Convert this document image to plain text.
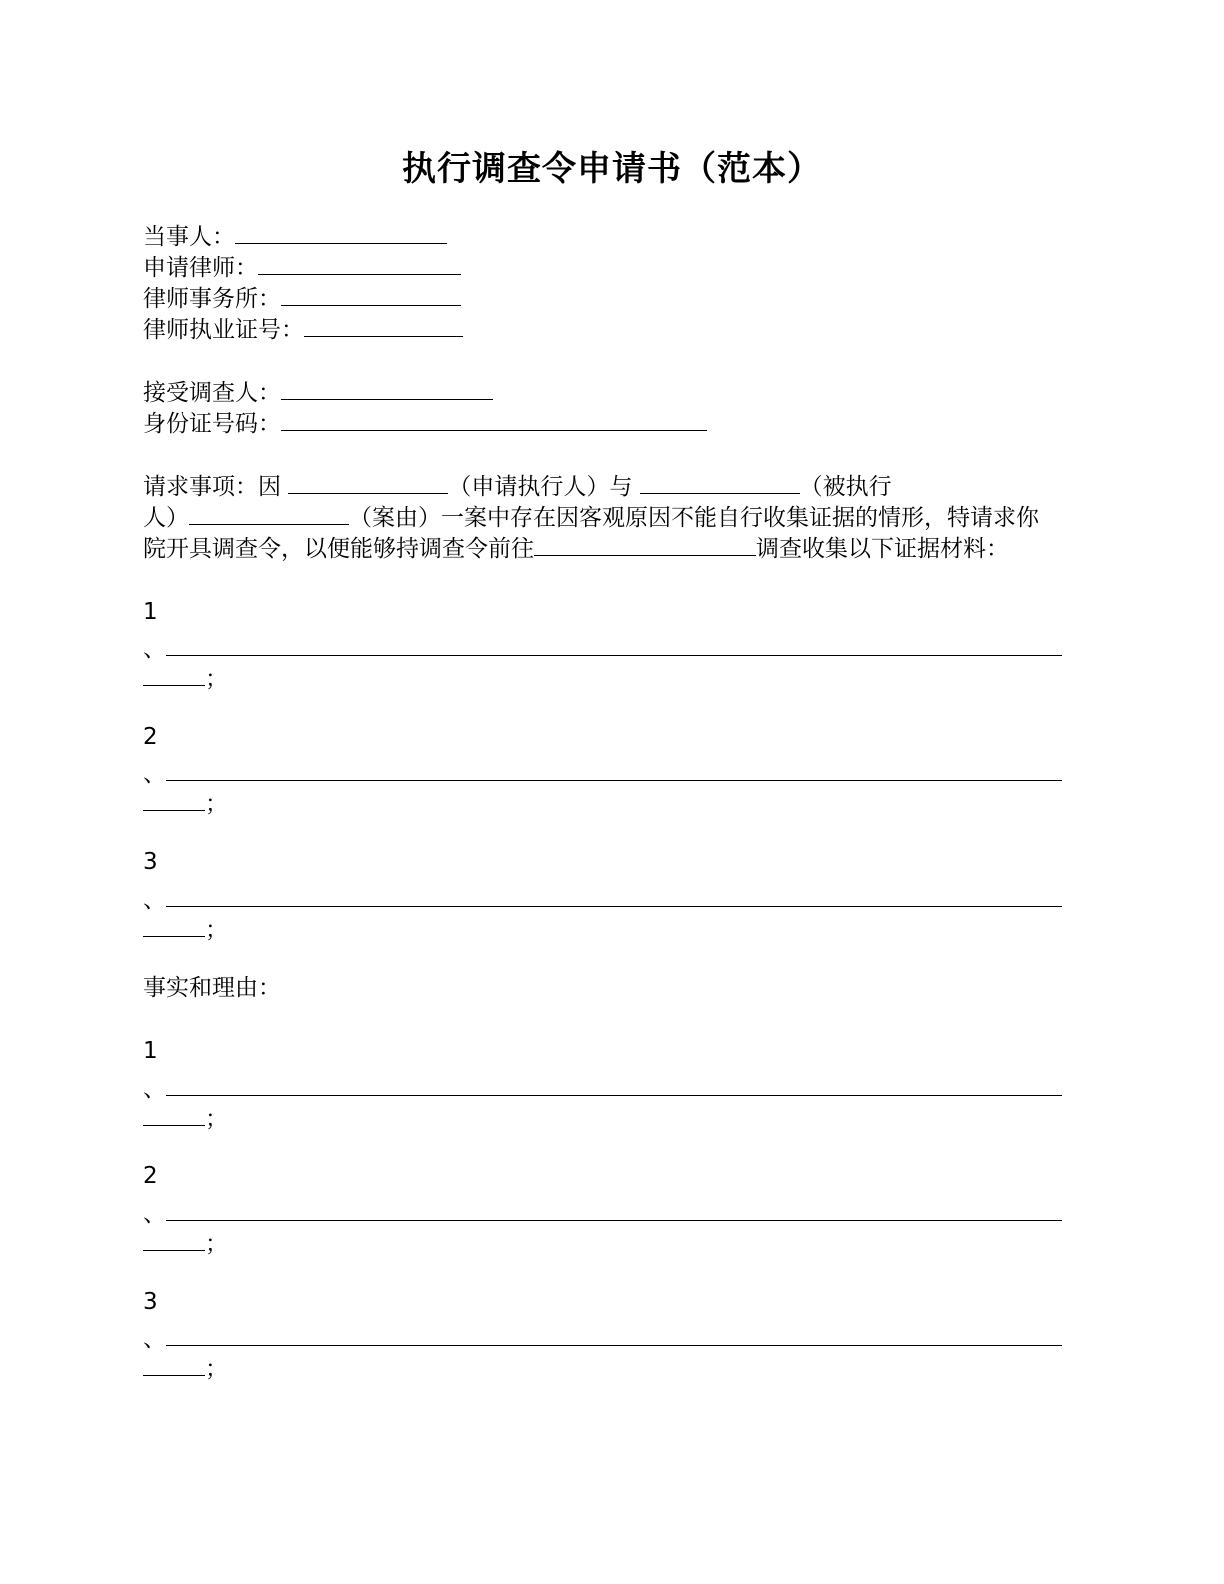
执行调查令申请书（范本）
当事人：
申请律师：
律师事务所：
律师执业证号：
接受调查人：
身份证号码：
请求事项：因	（申请执行人）与	（被执行
人）	（案由）一案中存在因客观原因不能自行收集证据的情形，特请求你
院开具调查令，以便能够持调查令前往	调查收集以下证据材料：
1
、
；
2
、
；
3
、
；
事实和理由：
1
、
；
2
、
；
3
、
；
